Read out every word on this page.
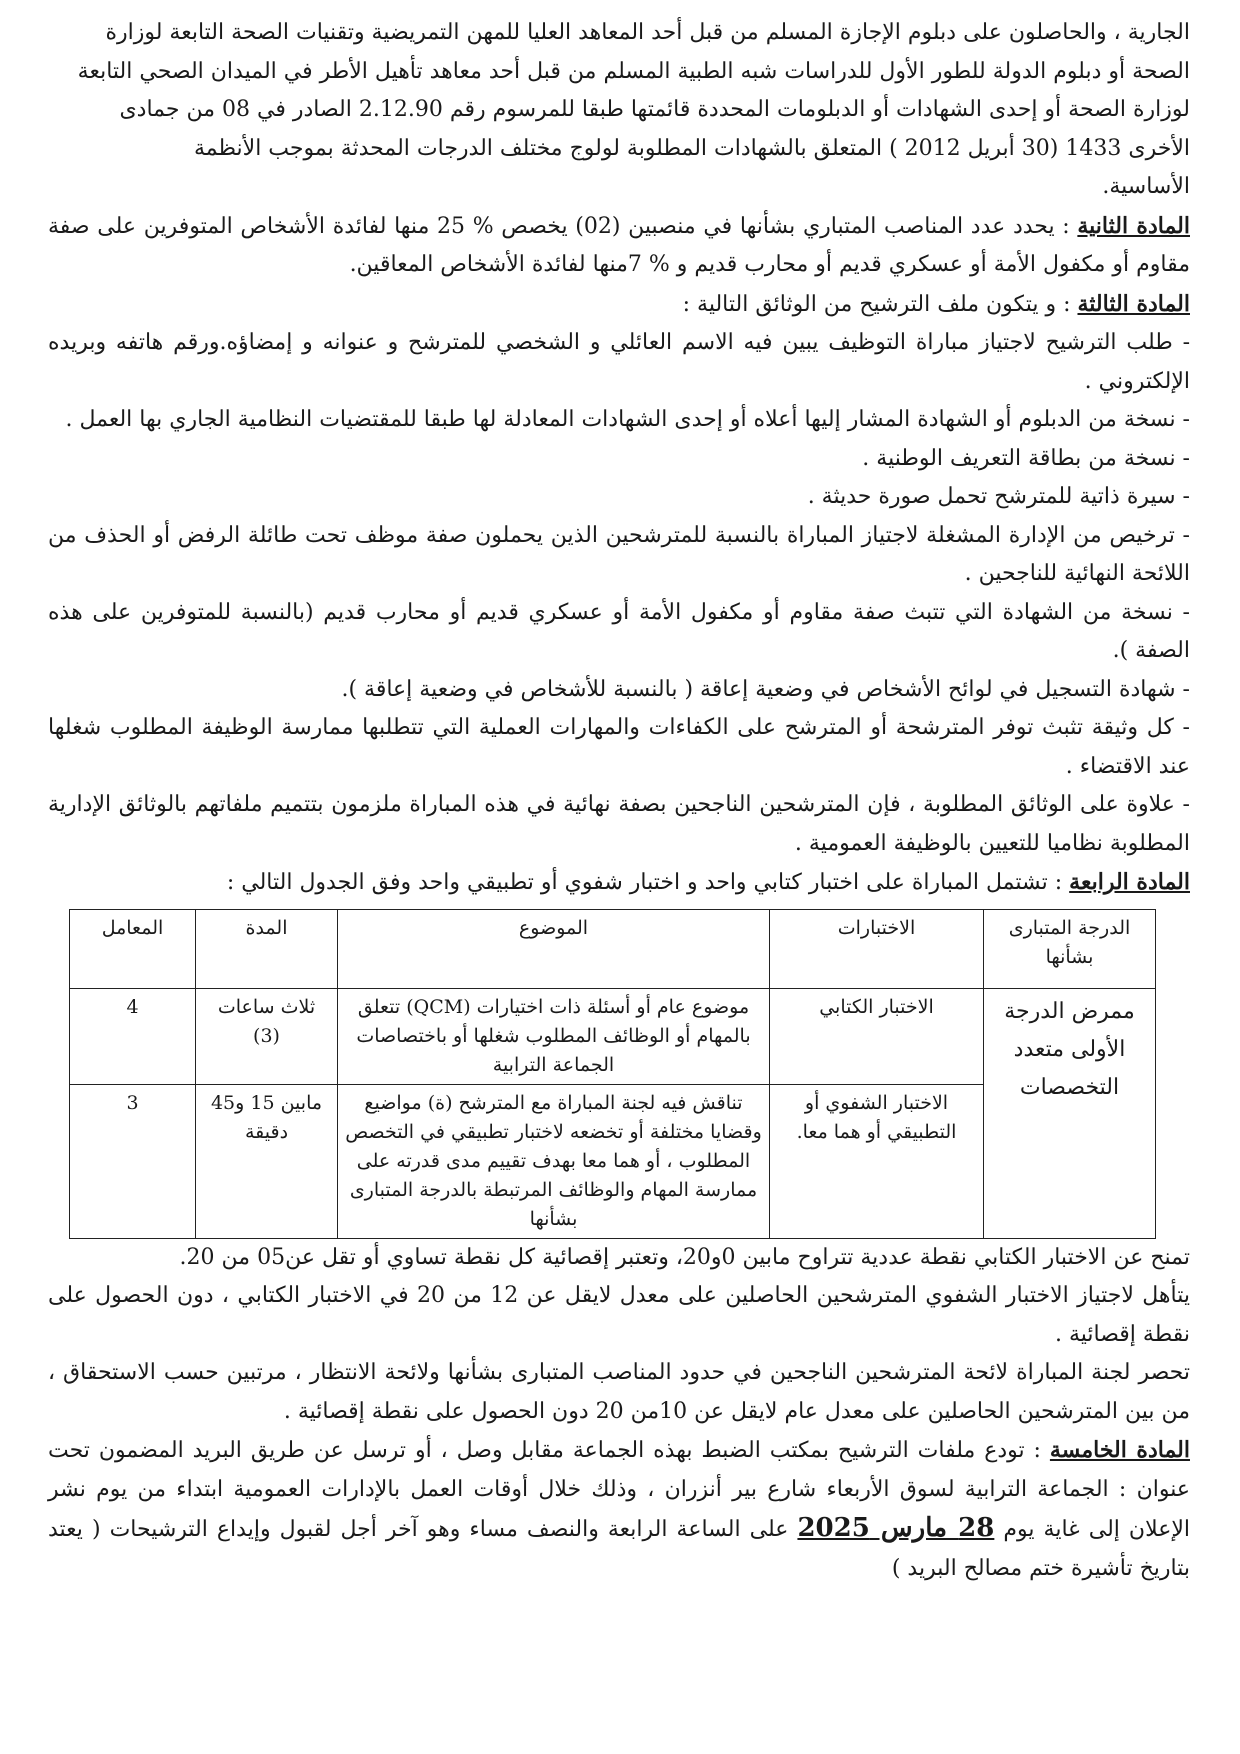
الجارية ، والحاصلون على دبلوم الإجازة المسلم من قبل أحد المعاهد العليا للمهن التمريضية وتقنيات الصحة التابعة لوزارة
الصحة أو دبلوم الدولة للطور الأول للدراسات شبه الطبية المسلم من قبل أحد معاهد تأهيل الأطر في الميدان الصحي التابعة
لوزارة الصحة أو إحدى الشهادات أو الدبلومات المحددة قائمتها طبقا للمرسوم رقم 2.12.90 الصادر في 08 من جمادى
الأخرى 1433 (30 أبريل 2012 ) المتعلق بالشهادات المطلوبة لولوج مختلف الدرجات المحدثة بموجب الأنظمة
الأساسية.

المادة الثانية : يحدد عدد المناصب المتباري بشأنها في منصبين (02) يخصص % 25 منها لفائدة الأشخاص المتوفرين على صفة مقاوم أو مكفول الأمة أو عسكري قديم أو محارب قديم و % 7منها لفائدة الأشخاص المعاقين.

المادة الثالثة : و يتكون ملف الترشيح من الوثائق التالية :

- طلب الترشيح لاجتياز مباراة التوظيف يبين فيه الاسم العائلي و الشخصي للمترشح و عنوانه و إمضاؤه.ورقم هاتفه وبريده الإلكتروني .

- نسخة من الدبلوم أو الشهادة المشار إليها أعلاه أو إحدى الشهادات المعادلة لها طبقا للمقتضيات النظامية الجاري بها العمل .

- نسخة من بطاقة التعريف الوطنية .

- سيرة ذاتية للمترشح تحمل صورة حديثة .

- ترخيص من الإدارة المشغلة لاجتياز المباراة بالنسبة للمترشحين الذين يحملون صفة موظف تحت طائلة الرفض أو الحذف من اللائحة النهائية للناجحين .

- نسخة من الشهادة التي تتبث صفة مقاوم أو مكفول الأمة أو عسكري قديم أو محارب قديم (بالنسبة للمتوفرين على هذه الصفة ).

- شهادة التسجيل في لوائح الأشخاص في وضعية إعاقة ( بالنسبة للأشخاص في وضعية إعاقة ).

- كل وثيقة تثبث توفر المترشحة أو المترشح على الكفاءات والمهارات العملية التي تتطلبها ممارسة الوظيفة المطلوب شغلها عند الاقتضاء .

- علاوة على الوثائق المطلوبة ، فإن المترشحين الناجحين بصفة نهائية في هذه المباراة ملزمون بتتميم ملفاتهم بالوثائق الإدارية المطلوبة نظاميا للتعيين بالوظيفة العمومية .

المادة الرابعة : تشتمل المباراة على اختبار كتابي واحد و اختبار شفوي أو تطبيقي واحد وفق الجدول التالي :

الدرجة المتبارى بشأنها	الاختبارات	الموضوع	المدة	المعامل
ممرض الدرجة الأولى متعدد التخصصات	الاختبار الكتابي	موضوع عام أو أسئلة ذات اختيارات (QCM) تتعلق بالمهام أو الوظائف المطلوب شغلها أو باختصاصات الجماعة الترابية	ثلاث ساعات (3)	4
	الاختبار الشفوي أو التطبيقي أو هما معا.	تناقش فيه لجنة المباراة مع المترشح (ة) مواضيع وقضايا مختلفة أو تخضعه لاختبار تطبيقي في التخصص المطلوب ، أو هما معا بهدف تقييم مدى قدرته على ممارسة المهام والوظائف المرتبطة بالدرجة المتبارى بشأنها	مابين 15 و45 دقيقة	3

تمنح عن الاختبار الكتابي نقطة عددية تتراوح مابين 0و20، وتعتبر إقصائية كل نقطة تساوي أو تقل عن05 من 20.

يتأهل لاجتياز الاختبار الشفوي المترشحين الحاصلين على معدل لايقل عن 12 من 20 في الاختبار الكتابي ، دون الحصول على نقطة إقصائية .

تحصر لجنة المباراة لائحة المترشحين الناجحين في حدود المناصب المتبارى بشأنها ولائحة الانتظار ، مرتبين حسب الاستحقاق ، من بين المترشحين الحاصلين على معدل عام لايقل عن 10من 20 دون الحصول على نقطة إقصائية .

المادة الخامسة : تودع ملفات الترشيح بمكتب الضبط بهذه الجماعة مقابل وصل ، أو ترسل عن طريق البريد المضمون تحت عنوان : الجماعة الترابية لسوق الأربعاء شارع بير أنزران ، وذلك خلال أوقات العمل بالإدارات العمومية ابتداء من يوم نشر الإعلان إلى غاية يوم 28 مارس 2025 على الساعة الرابعة والنصف مساء وهو آخر أجل لقبول وإيداع الترشيحات ( يعتد بتاريخ تأشيرة ختم مصالح البريد )
